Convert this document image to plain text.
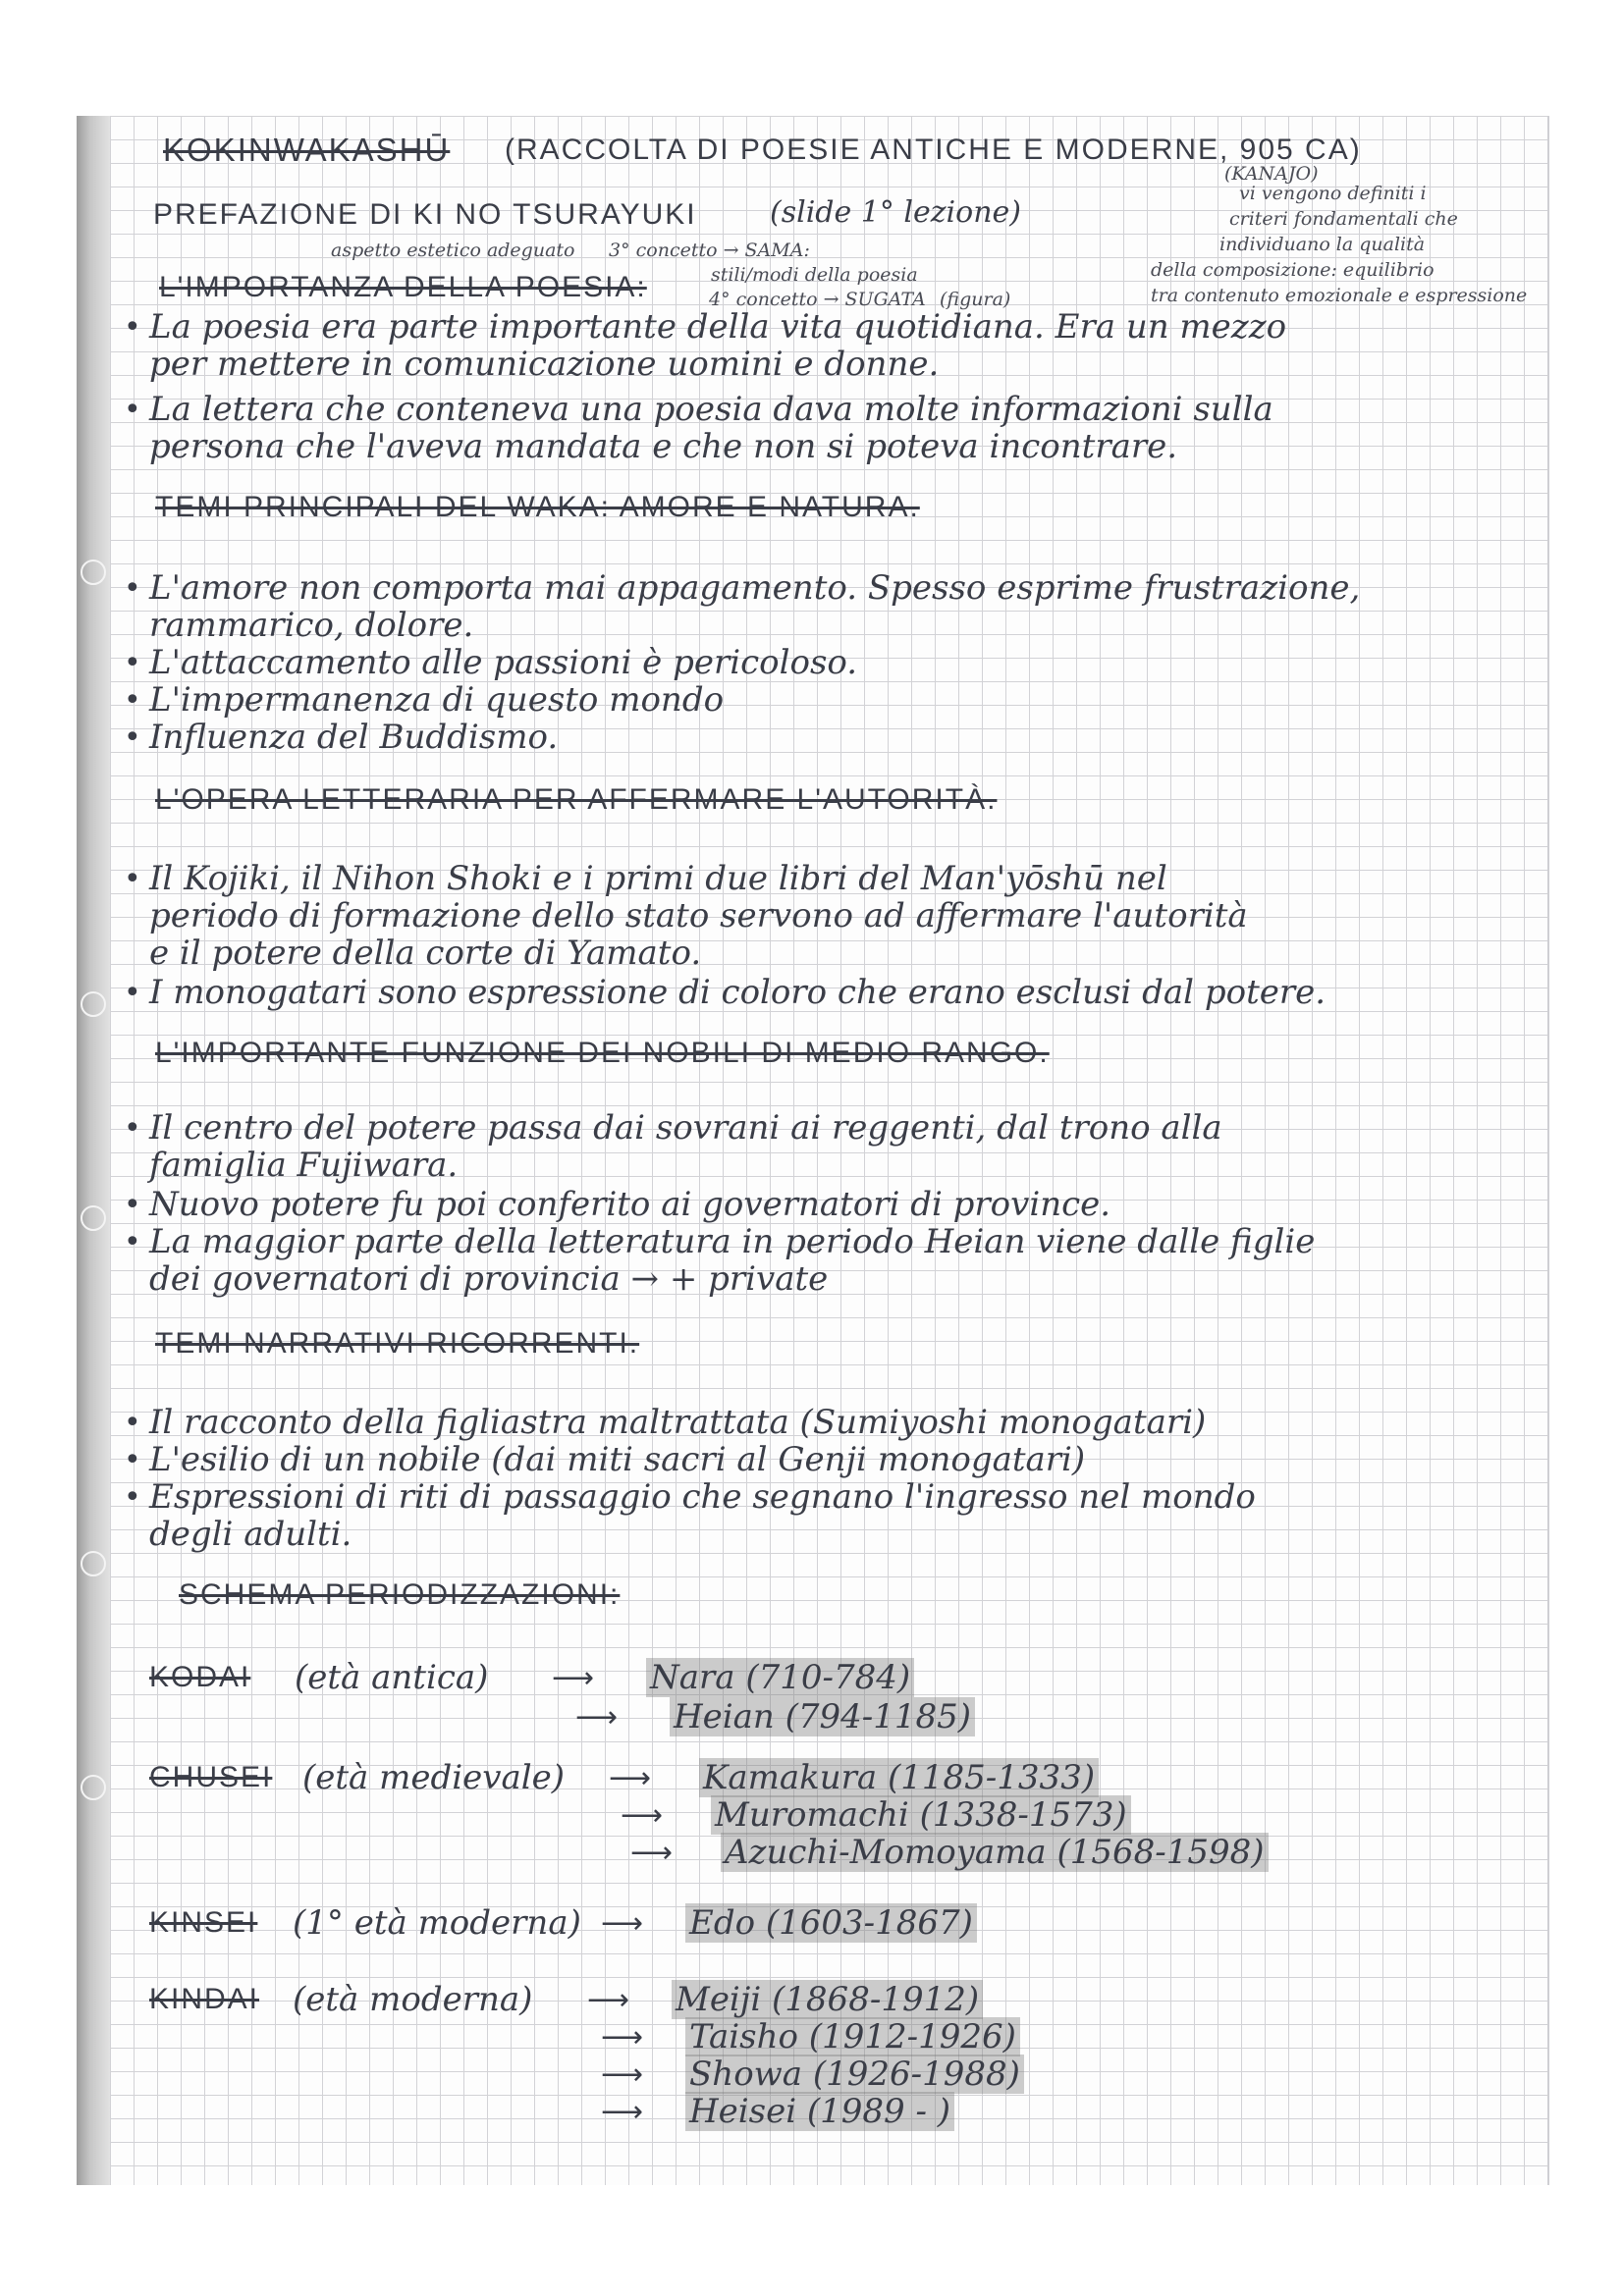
KOKINWAKASHŪ (RACCOLTA DI POESIE ANTICHE E MODERNE, 905 CA)
(KANAJO)
PREFAZIONE DI KI NO TSURAYUKI (slide 1° lezione)
vi vengono definiti i
criteri fondamentali che
individuano la qualità
della composizione: equilibrio
tra contenuto emozionale e espressione
aspetto estetico adeguato 3° concetto → SAMA:
stili/modi della poesia
4° concetto → SUGATA (figura)
L'IMPORTANZA DELLA POESIA:
• La poesia era parte importante della vita quotidiana. Era un mezzo
per mettere in comunicazione uomini e donne.
• La lettera che conteneva una poesia dava molte informazioni sulla
persona che l'aveva mandata e che non si poteva incontrare.
TEMI PRINCIPALI DEL WAKA: AMORE E NATURA.
• L'amore non comporta mai appagamento. Spesso esprime frustrazione,
rammarico, dolore.
• L'attaccamento alle passioni è pericoloso.
• L'impermanenza di questo mondo
• Influenza del Buddismo.
L'OPERA LETTERARIA PER AFFERMARE L'AUTORITÀ.
• Il Kojiki, il Nihon Shoki e i primi due libri del Man'yōshū nel
periodo di formazione dello stato servono ad affermare l'autorità
e il potere della corte di Yamato.
• I monogatari sono espressione di coloro che erano esclusi dal potere.
L'IMPORTANTE FUNZIONE DEI NOBILI DI MEDIO RANGO.
• Il centro del potere passa dai sovrani ai reggenti, dal trono alla
famiglia Fujiwara.
• Nuovo potere fu poi conferito ai governatori di province.
• La maggior parte della letteratura in periodo Heian viene dalle figlie
dei governatori di provincia → + private
TEMI NARRATIVI RICORRENTI.
• Il racconto della figliastra maltrattata (Sumiyoshi monogatari)
• L'esilio di un nobile (dai miti sacri al Genji monogatari)
• Espressioni di riti di passaggio che segnano l'ingresso nel mondo
degli adulti.
SCHEMA PERIODIZZAZIONI:
KODAI (età antica) ⟶ Nara (710-784)
⟶ Heian (794-1185)
CHUSEI (età medievale) ⟶ Kamakura (1185-1333)
⟶ Muromachi (1338-1573)
⟶ Azuchi-Momoyama (1568-1598)
KINSEI (1° età moderna) ⟶ Edo (1603-1867)
KINDAI (età moderna) ⟶ Meiji (1868-1912)
⟶ Taisho (1912-1926)
⟶ Showa (1926-1988)
⟶ Heisei (1989 - )
